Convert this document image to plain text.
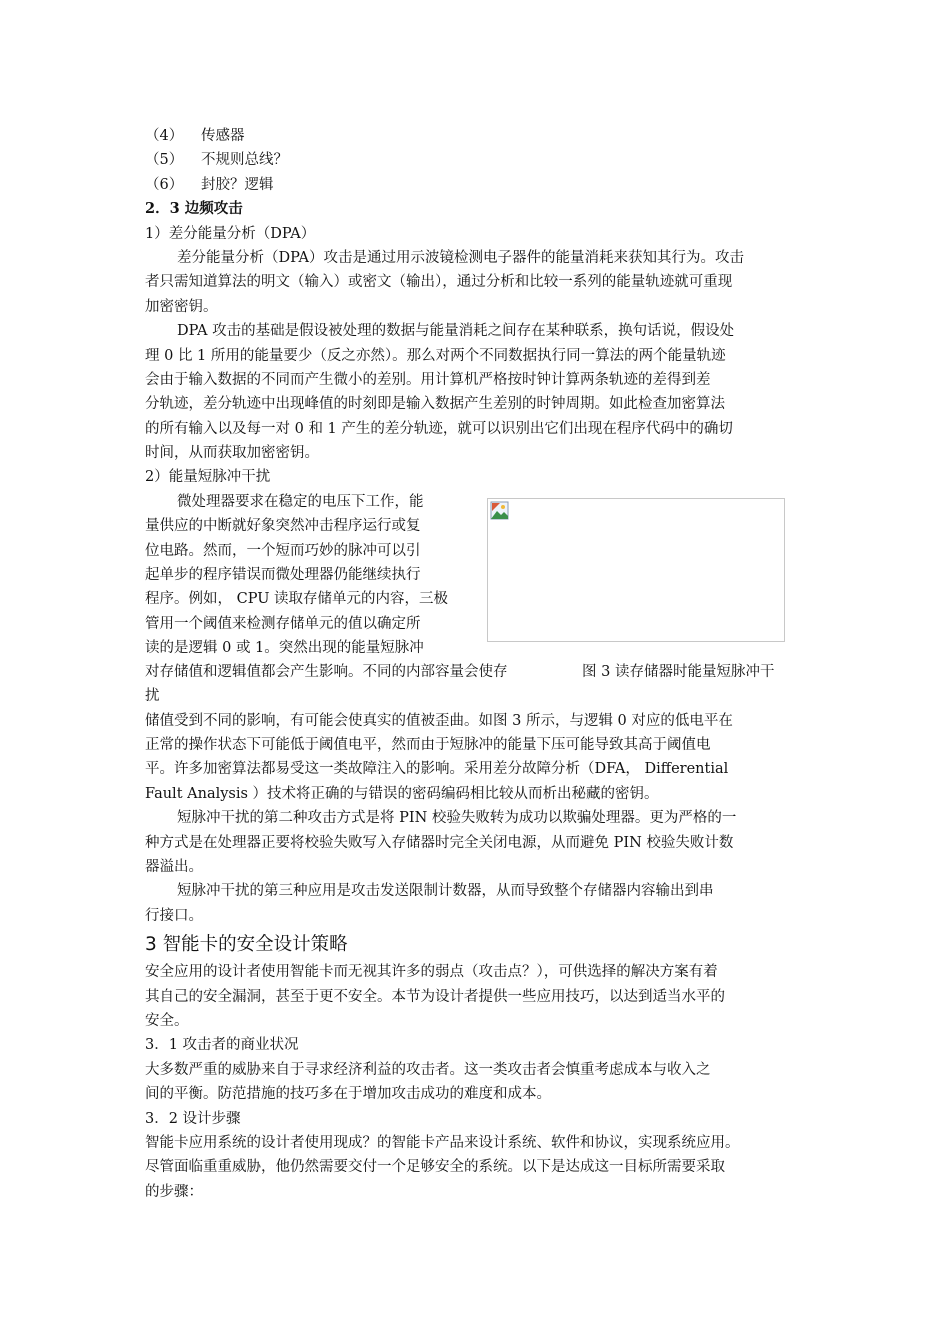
（4） 传感器
（5） 不规则总线？
（6） 封胶？逻辑
2．3 边频攻击
1）差分能量分析（DPA）
差分能量分析（DPA）攻击是通过用示波镜检测电子器件的能量消耗来获知其行为。攻击
者只需知道算法的明文（输入）或密文（输出），通过分析和比较一系列的能量轨迹就可重现
加密密钥。
DPA 攻击的基础是假设被处理的数据与能量消耗之间存在某种联系，换句话说，假设处
理 0 比 1 所用的能量要少（反之亦然）。那么对两个不同数据执行同一算法的两个能量轨迹
会由于输入数据的不同而产生微小的差别。用计算机严格按时钟计算两条轨迹的差得到差
分轨迹，差分轨迹中出现峰值的时刻即是输入数据产生差别的时钟周期。如此检查加密算法
的所有输入以及每一对 0 和 1 产生的差分轨迹，就可以识别出它们出现在程序代码中的确切
时间，从而获取加密密钥。
2）能量短脉冲干扰
微处理器要求在稳定的电压下工作，能
量供应的中断就好象突然冲击程序运行或复
位电路。然而，一个短而巧妙的脉冲可以引
起单步的程序错误而微处理器仍能继续执行
程序。例如， CPU 读取存储单元的内容，三极
管用一个阈值来检测存储单元的值以确定所
读的是逻辑 0 或 1。突然出现的能量短脉冲
对存储值和逻辑值都会产生影响。不同的内部容量会使存	图 3 读存储器时能量短脉冲干
扰
储值受到不同的影响，有可能会使真实的值被歪曲。如图 3 所示，与逻辑 0 对应的低电平在
正常的操作状态下可能低于阈值电平，然而由于短脉冲的能量下压可能导致其高于阈值电
平。许多加密算法都易受这一类故障注入的影响。采用差分故障分析（DFA， Differential
Fault Analysis ）技术将正确的与错误的密码编码相比较从而析出秘藏的密钥。
短脉冲干扰的第二种攻击方式是将 PIN 校验失败转为成功以欺骗处理器。更为严格的一
种方式是在处理器正要将校验失败写入存储器时完全关闭电源，从而避免 PIN 校验失败计数
器溢出。
短脉冲干扰的第三种应用是攻击发送限制计数器，从而导致整个存储器内容输出到串
行接口。
3 智能卡的安全设计策略
安全应用的设计者使用智能卡而无视其许多的弱点（攻击点？），可供选择的解决方案有着
其自己的安全漏洞，甚至于更不安全。本节为设计者提供一些应用技巧，以达到适当水平的
安全。
3．1 攻击者的商业状况
大多数严重的威胁来自于寻求经济利益的攻击者。这一类攻击者会慎重考虑成本与收入之
间的平衡。防范措施的技巧多在于增加攻击成功的难度和成本。
3．2 设计步骤
智能卡应用系统的设计者使用现成？的智能卡产品来设计系统、软件和协议，实现系统应用。
尽管面临重重威胁，他仍然需要交付一个足够安全的系统。以下是达成这一目标所需要采取
的步骤：
